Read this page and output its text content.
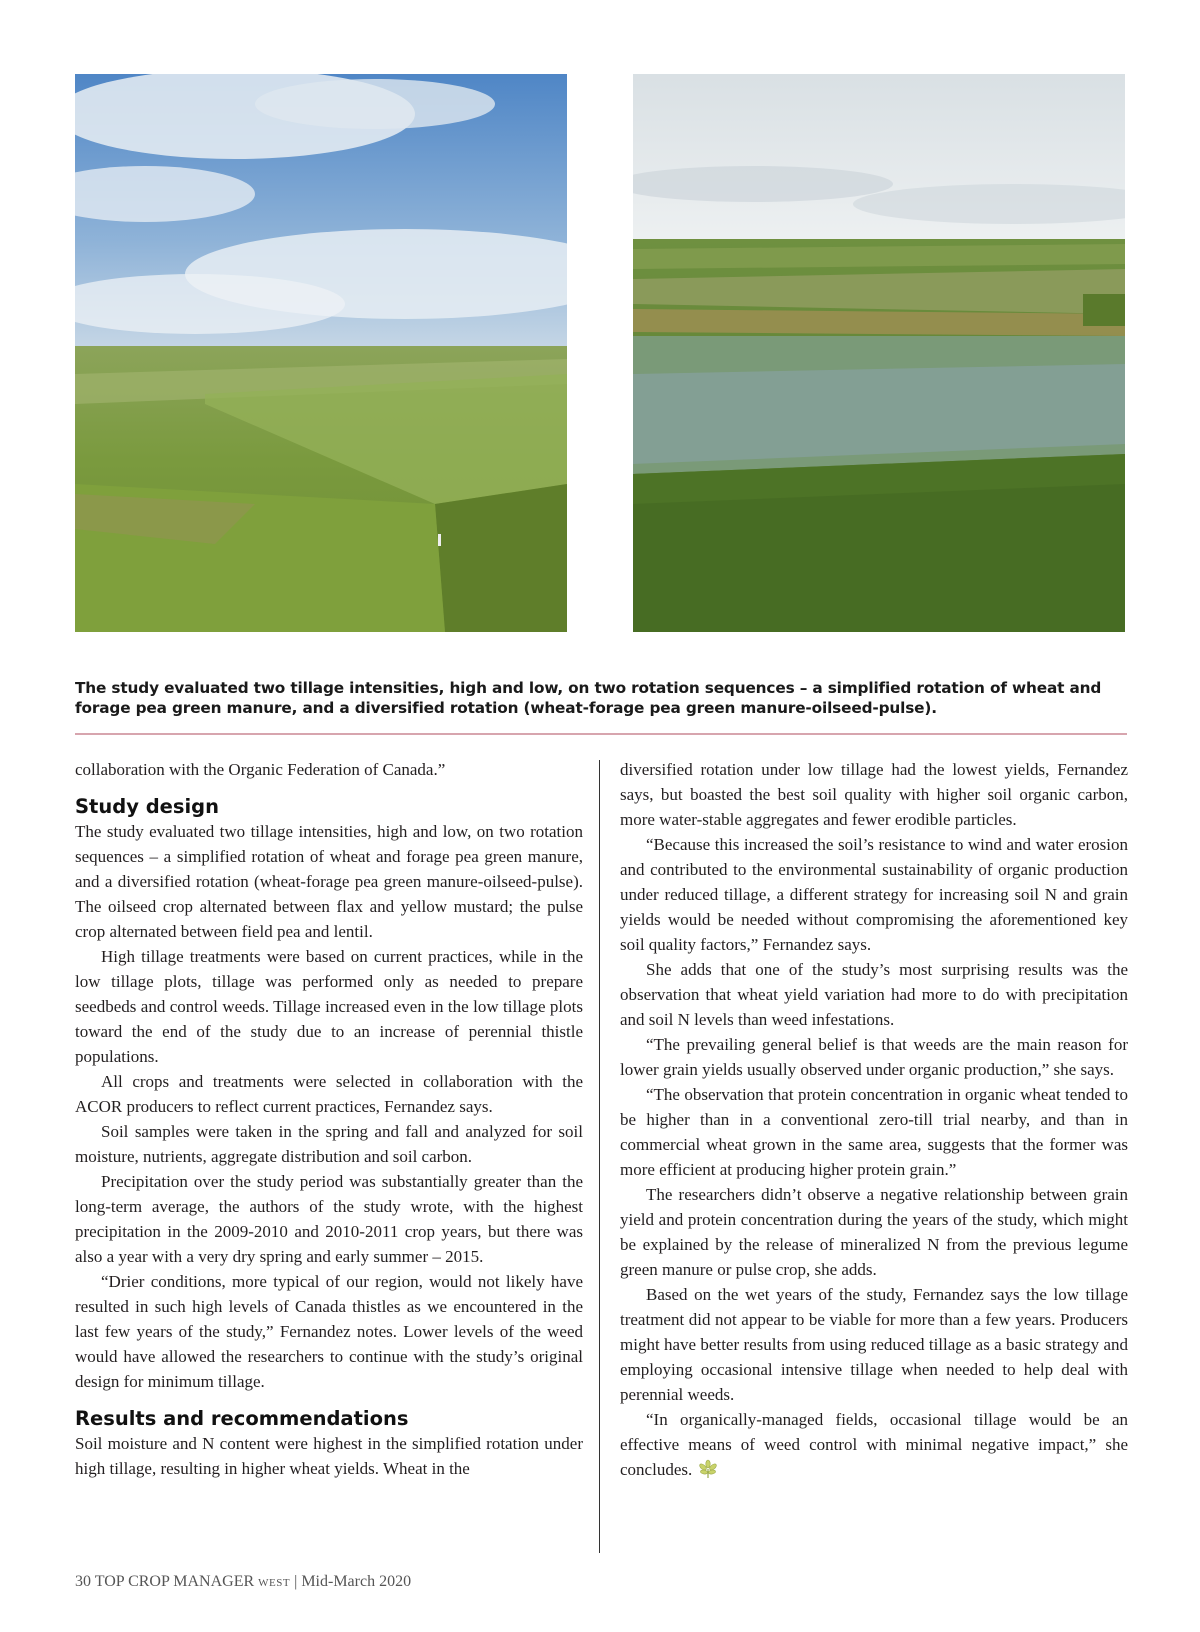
The study evaluated two tillage intensities, high and low, on two rotation sequences – a simplified rotation of wheat and forage pea green manure, and a diversified rotation (wheat-forage pea green manure-oilseed-pulse).

collaboration with the Organic Federation of Canada.”

Study design

The study evaluated two tillage intensities, high and low, on two rotation sequences – a simplified rotation of wheat and forage pea green manure, and a diversified rotation (wheat-forage pea green manure-oilseed-pulse). The oilseed crop alternated between flax and yellow mustard; the pulse crop alternated between field pea and lentil.

High tillage treatments were based on current practices, while in the low tillage plots, tillage was performed only as needed to prepare seedbeds and control weeds. Tillage increased even in the low tillage plots toward the end of the study due to an increase of perennial thistle populations.

All crops and treatments were selected in collaboration with the ACOR producers to reflect current practices, Fernandez says.

Soil samples were taken in the spring and fall and analyzed for soil moisture, nutrients, aggregate distribution and soil carbon.

Precipitation over the study period was substantially greater than the long-term average, the authors of the study wrote, with the highest precipitation in the 2009-2010 and 2010-2011 crop years, but there was also a year with a very dry spring and early summer – 2015.

“Drier conditions, more typical of our region, would not likely have resulted in such high levels of Canada thistles as we encountered in the last few years of the study,” Fernandez notes. Lower levels of the weed would have allowed the researchers to continue with the study’s original design for minimum tillage.

Results and recommendations

Soil moisture and N content were highest in the simplified rotation under high tillage, resulting in higher wheat yields. Wheat in the

diversified rotation under low tillage had the lowest yields, Fernandez says, but boasted the best soil quality with higher soil organic carbon, more water-stable aggregates and fewer erodible particles.

“Because this increased the soil’s resistance to wind and water erosion and contributed to the environmental sustainability of organic production under reduced tillage, a different strategy for increasing soil N and grain yields would be needed without compromising the aforementioned key soil quality factors,” Fernandez says.

She adds that one of the study’s most surprising results was the observation that wheat yield variation had more to do with precipitation and soil N levels than weed infestations.

“The prevailing general belief is that weeds are the main reason for lower grain yields usually observed under organic production,” she says.

“The observation that protein concentration in organic wheat tended to be higher than in a conventional zero-till trial nearby, and than in commercial wheat grown in the same area, suggests that the former was more efficient at producing higher protein grain.”

The researchers didn’t observe a negative relationship between grain yield and protein concentration during the years of the study, which might be explained by the release of mineralized N from the previous legume green manure or pulse crop, she adds.

Based on the wet years of the study, Fernandez says the low tillage treatment did not appear to be viable for more than a few years. Producers might have better results from using reduced tillage as a basic strategy and employing occasional intensive tillage when needed to help deal with perennial weeds.

“In organically-managed fields, occasional tillage would be an effective means of weed control with minimal negative impact,” she concludes.

30 TOP CROP MANAGER WEST | Mid-March 2020
